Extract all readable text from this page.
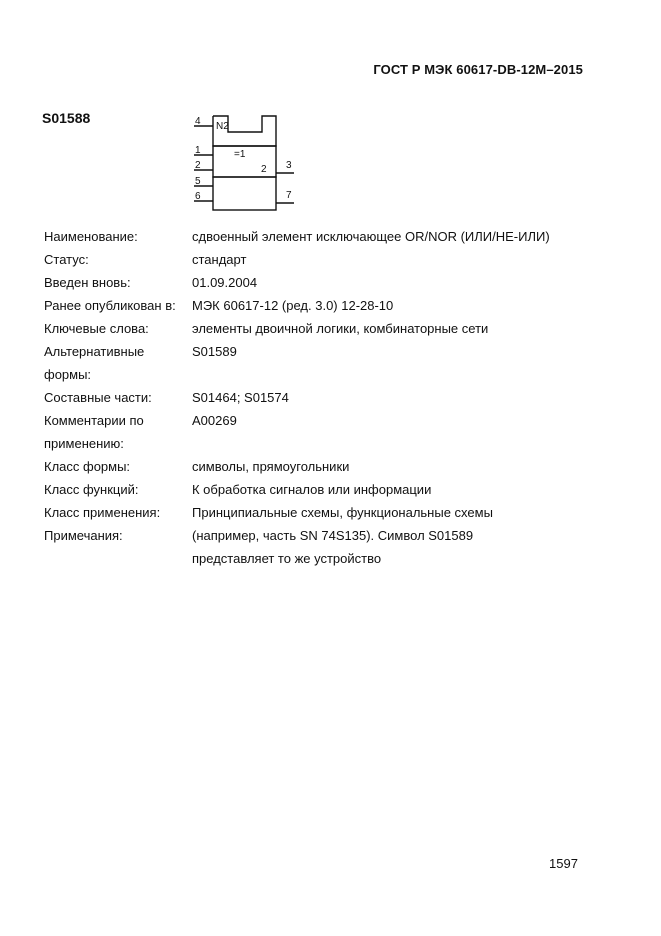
ГОСТ Р МЭК 60617-DB-12M–2015
S01588	4 N2
1
2
=1
2 3
5
6	7
Наименование:	сдвоенный элемент исключающее OR/NOR (ИЛИ/НЕ-ИЛИ)
Статус:	стандарт
Введен вновь:	01.09.2004
Ранее опубликован в:	МЭК 60617-12 (ред. 3.0) 12-28-10
Ключевые слова:	элементы двоичной логики, комбинаторные сети
Альтернативные
формы:
S01589
Составные части:	S01464; S01574
Комментарии по
применению:
A00269
Класс формы:	символы, прямоугольники
Класс функций:	К обработка сигналов или информации
Класс применения:	Принципиальные схемы, функциональные схемы
Примечания:	(например, часть SN 74S135). Символ S01589
представляет то же устройство
1597
